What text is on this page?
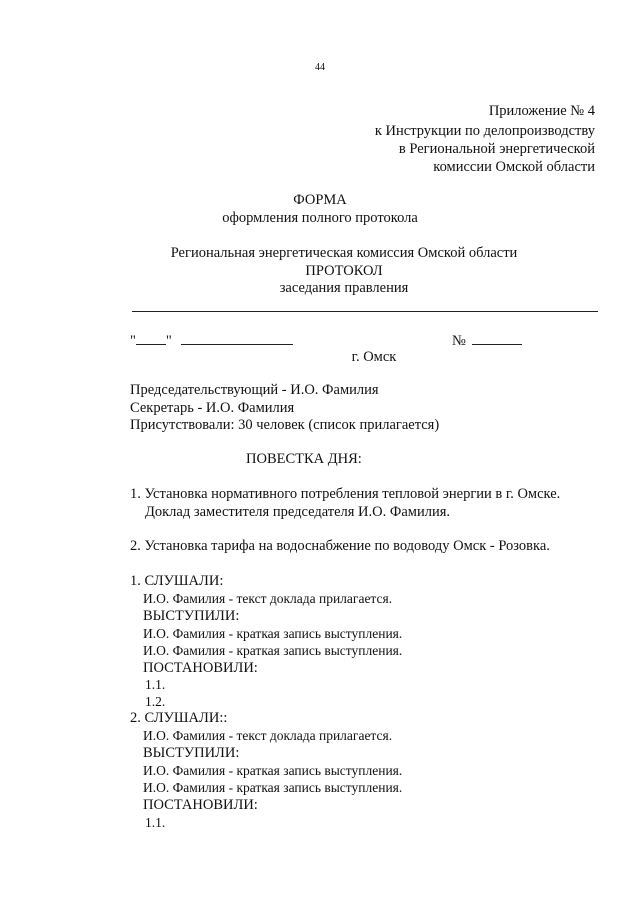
44
Приложение № 4
к Инструкции по делопроизводству
в Региональной энергетической
комиссии Омской области
ФОРМА
оформления полного протокола
Региональная энергетическая комиссия Омской области
ПРОТОКОЛ
заседания правления
" "	№
г. Омск
Председательствующий - И.О. Фамилия
Секретарь - И.О. Фамилия
Присутствовали: 30 человек (список прилагается)
ПОВЕСТКА ДНЯ:
1. Установка нормативного потребления тепловой энергии в г. Омске.
Доклад заместителя председателя И.О. Фамилия.
2. Установка тарифа на водоснабжение по водоводу Омск - Розовка.
1. СЛУШАЛИ:
И.О. Фамилия - текст доклада прилагается.
ВЫСТУПИЛИ:
И.О. Фамилия - краткая запись выступления.
И.О. Фамилия - краткая запись выступления.
ПОСТАНОВИЛИ:
1.1.
1.2.
2. СЛУШАЛИ::
И.О. Фамилия - текст доклада прилагается.
ВЫСТУПИЛИ:
И.О. Фамилия - краткая запись выступления.
И.О. Фамилия - краткая запись выступления.
ПОСТАНОВИЛИ:
1.1.
